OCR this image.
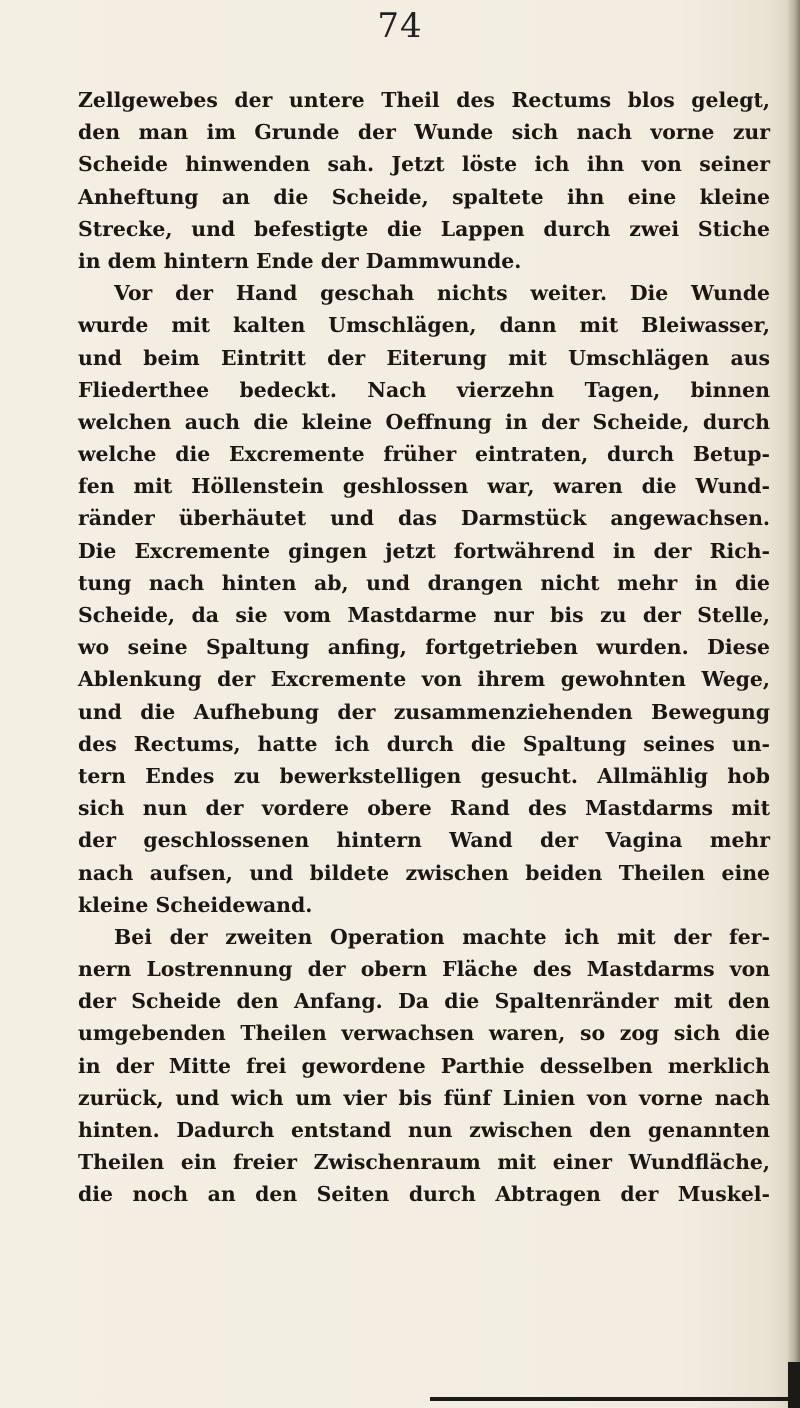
74
Zellgewebes der untere Theil des Rectums blos gelegt,
den man im Grunde der Wunde sich nach vorne zur
Scheide hinwenden sah. Jetzt löste ich ihn von seiner
Anheftung an die Scheide, spaltete ihn eine kleine
Strecke, und befestigte die Lappen durch zwei Stiche
in dem hintern Ende der Dammwunde.
Vor der Hand geschah nichts weiter. Die Wunde
wurde mit kalten Umschlägen, dann mit Bleiwasser,
und beim Eintritt der Eiterung mit Umschlägen aus
Fliederthee bedeckt. Nach vierzehn Tagen, binnen
welchen auch die kleine Oeffnung in der Scheide, durch
welche die Excremente früher eintraten, durch Betup-
fen mit Höllenstein geshlossen war, waren die Wund-
ränder überhäutet und das Darmstück angewachsen.
Die Excremente gingen jetzt fortwährend in der Rich-
tung nach hinten ab, und drangen nicht mehr in die
Scheide, da sie vom Mastdarme nur bis zu der Stelle,
wo seine Spaltung anfing, fortgetrieben wurden. Diese
Ablenkung der Excremente von ihrem gewohnten Wege,
und die Aufhebung der zusammenziehenden Bewegung
des Rectums, hatte ich durch die Spaltung seines un-
tern Endes zu bewerkstelligen gesucht. Allmählig hob
sich nun der vordere obere Rand des Mastdarms mit
der geschlossenen hintern Wand der Vagina mehr
nach aufsen, und bildete zwischen beiden Theilen eine
kleine Scheidewand.
Bei der zweiten Operation machte ich mit der fer-
nern Lostrennung der obern Fläche des Mastdarms von
der Scheide den Anfang. Da die Spaltenränder mit den
umgebenden Theilen verwachsen waren, so zog sich die
in der Mitte frei gewordene Parthie desselben merklich
zurück, und wich um vier bis fünf Linien von vorne nach
hinten. Dadurch entstand nun zwischen den genannten
Theilen ein freier Zwischenraum mit einer Wundfläche,
die noch an den Seiten durch Abtragen der Muskel-
